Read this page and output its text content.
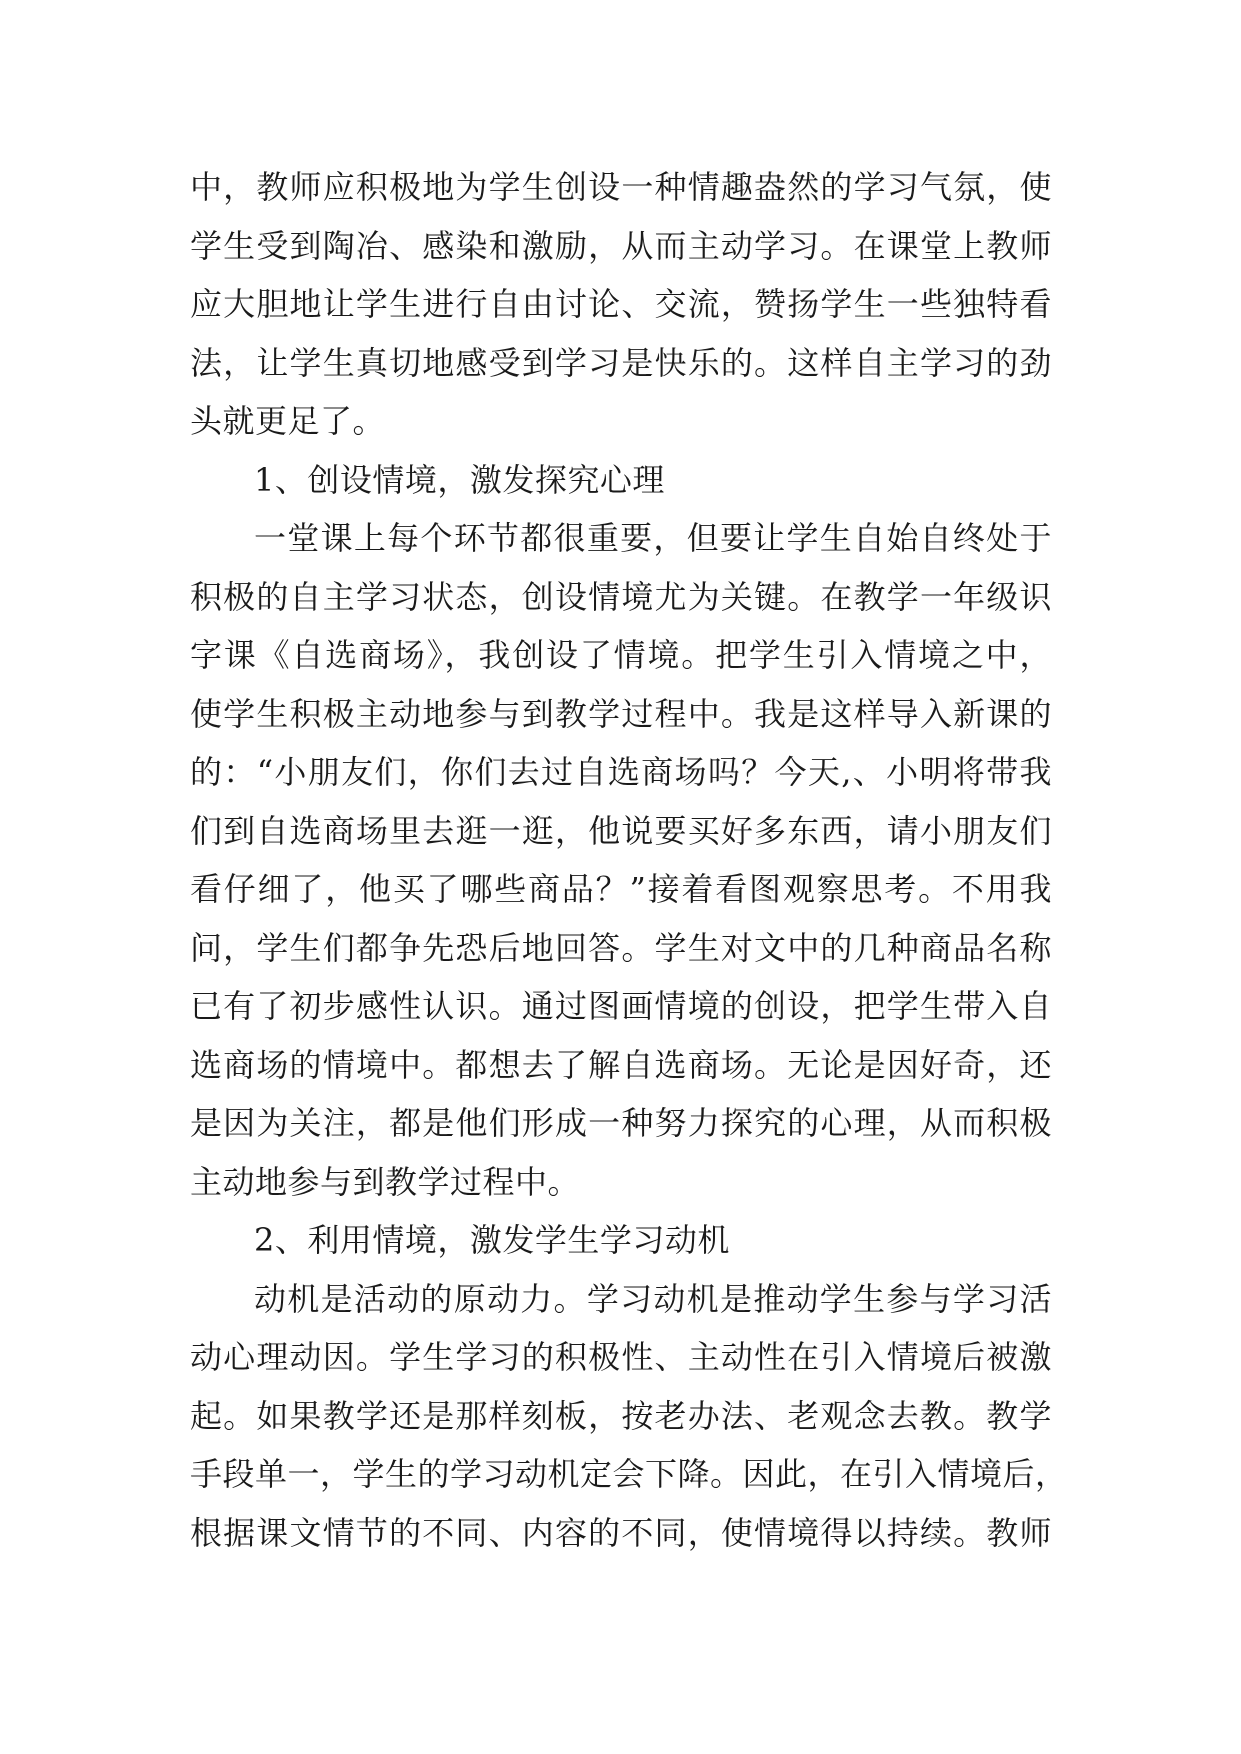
中，教师应积极地为学生创设一种情趣盎然的学习气氛，使
学生受到陶冶、感染和激励，从而主动学习。在课堂上教师
应大胆地让学生进行自由讨论、交流，赞扬学生一些独特看
法，让学生真切地感受到学习是快乐的。这样自主学习的劲
头就更足了。
1、创设情境，激发探究心理
一堂课上每个环节都很重要，但要让学生自始自终处于
积极的自主学习状态，创设情境尤为关键。在教学一年级识
字课《自选商场》，我创设了情境。把学生引入情境之中，
使学生积极主动地参与到教学过程中。我是这样导入新课的
的：“小朋友们，你们去过自选商场吗？今天,、小明将带我
们到自选商场里去逛一逛，他说要买好多东西，请小朋友们
看仔细了，他买了哪些商品？”接着看图观察思考。不用我
问，学生们都争先恐后地回答。学生对文中的几种商品名称
已有了初步感性认识。通过图画情境的创设，把学生带入自
选商场的情境中。都想去了解自选商场。无论是因好奇，还
是因为关注，都是他们形成一种努力探究的心理，从而积极
主动地参与到教学过程中。
2、利用情境，激发学生学习动机
动机是活动的原动力。学习动机是推动学生参与学习活
动心理动因。学生学习的积极性、主动性在引入情境后被激
起。如果教学还是那样刻板，按老办法、老观念去教。教学
手段单一，学生的学习动机定会下降。因此，在引入情境后，
根据课文情节的不同、内容的不同，使情境得以持续。教师
